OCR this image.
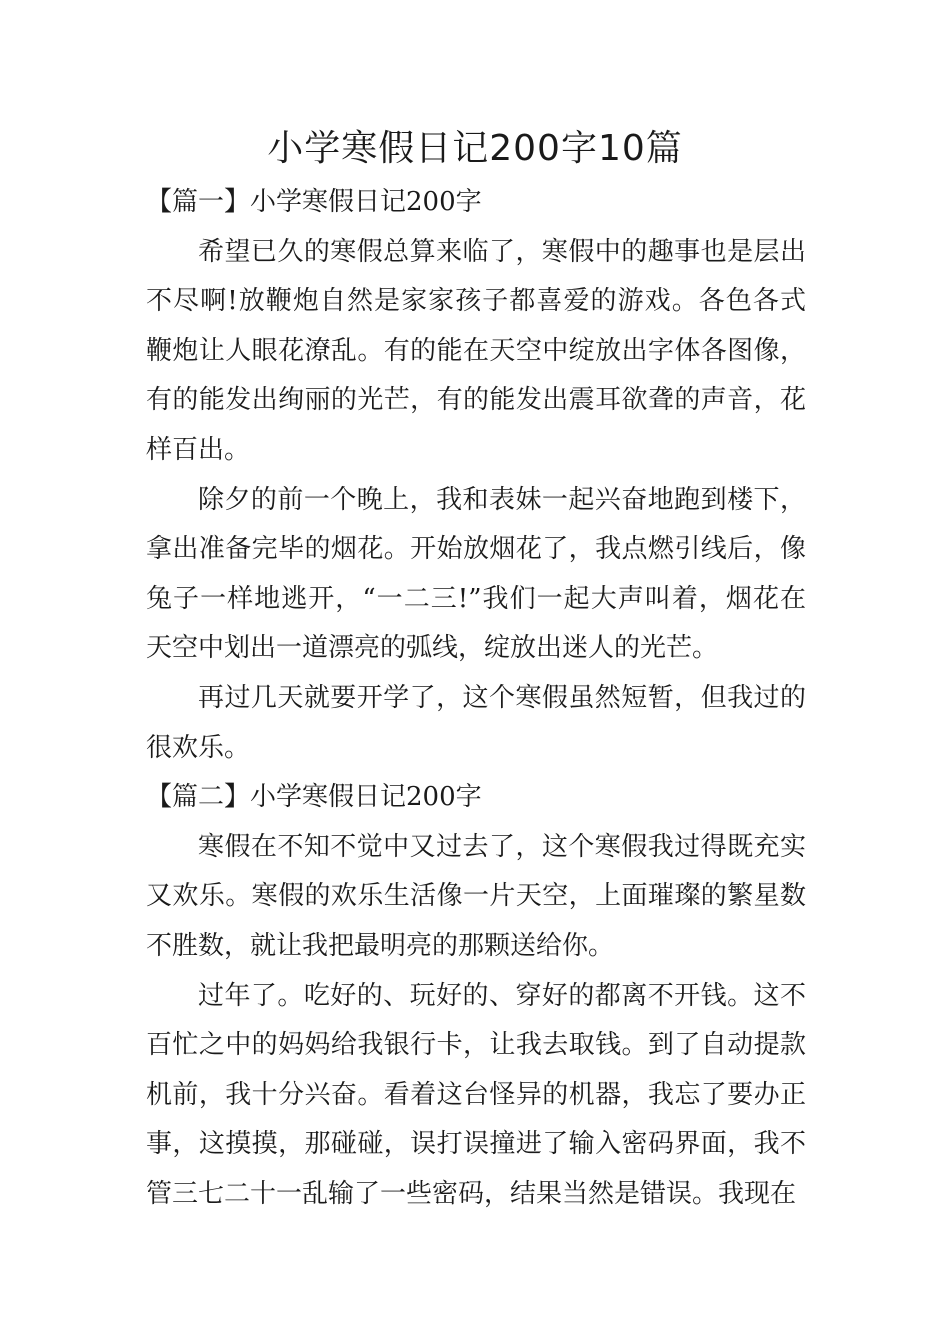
小学寒假日记200字10篇
【篇一】小学寒假日记200字

希望已久的寒假总算来临了，寒假中的趣事也是层出不尽啊!放鞭炮自然是家家孩子都喜爱的游戏。各色各式鞭炮让人眼花潦乱。有的能在天空中绽放出字体各图像，有的能发出绚丽的光芒，有的能发出震耳欲聋的声音，花样百出。

除夕的前一个晚上，我和表妹一起兴奋地跑到楼下，拿出准备完毕的烟花。开始放烟花了，我点燃引线后，像兔子一样地逃开，“一二三!”我们一起大声叫着，烟花在天空中划出一道漂亮的弧线，绽放出迷人的光芒。

再过几天就要开学了，这个寒假虽然短暂，但我过的很欢乐。

【篇二】小学寒假日记200字

寒假在不知不觉中又过去了，这个寒假我过得既充实又欢乐。寒假的欢乐生活像一片天空，上面璀璨的繁星数不胜数，就让我把最明亮的那颗送给你。

过年了。吃好的、玩好的、穿好的都离不开钱。这不百忙之中的妈妈给我银行卡，让我去取钱。到了自动提款机前，我十分兴奋。看着这台怪异的机器，我忘了要办正事，这摸摸，那碰碰，误打误撞进了输入密码界面，我不管三七二十一乱输了一些密码，结果当然是错误。我现在
